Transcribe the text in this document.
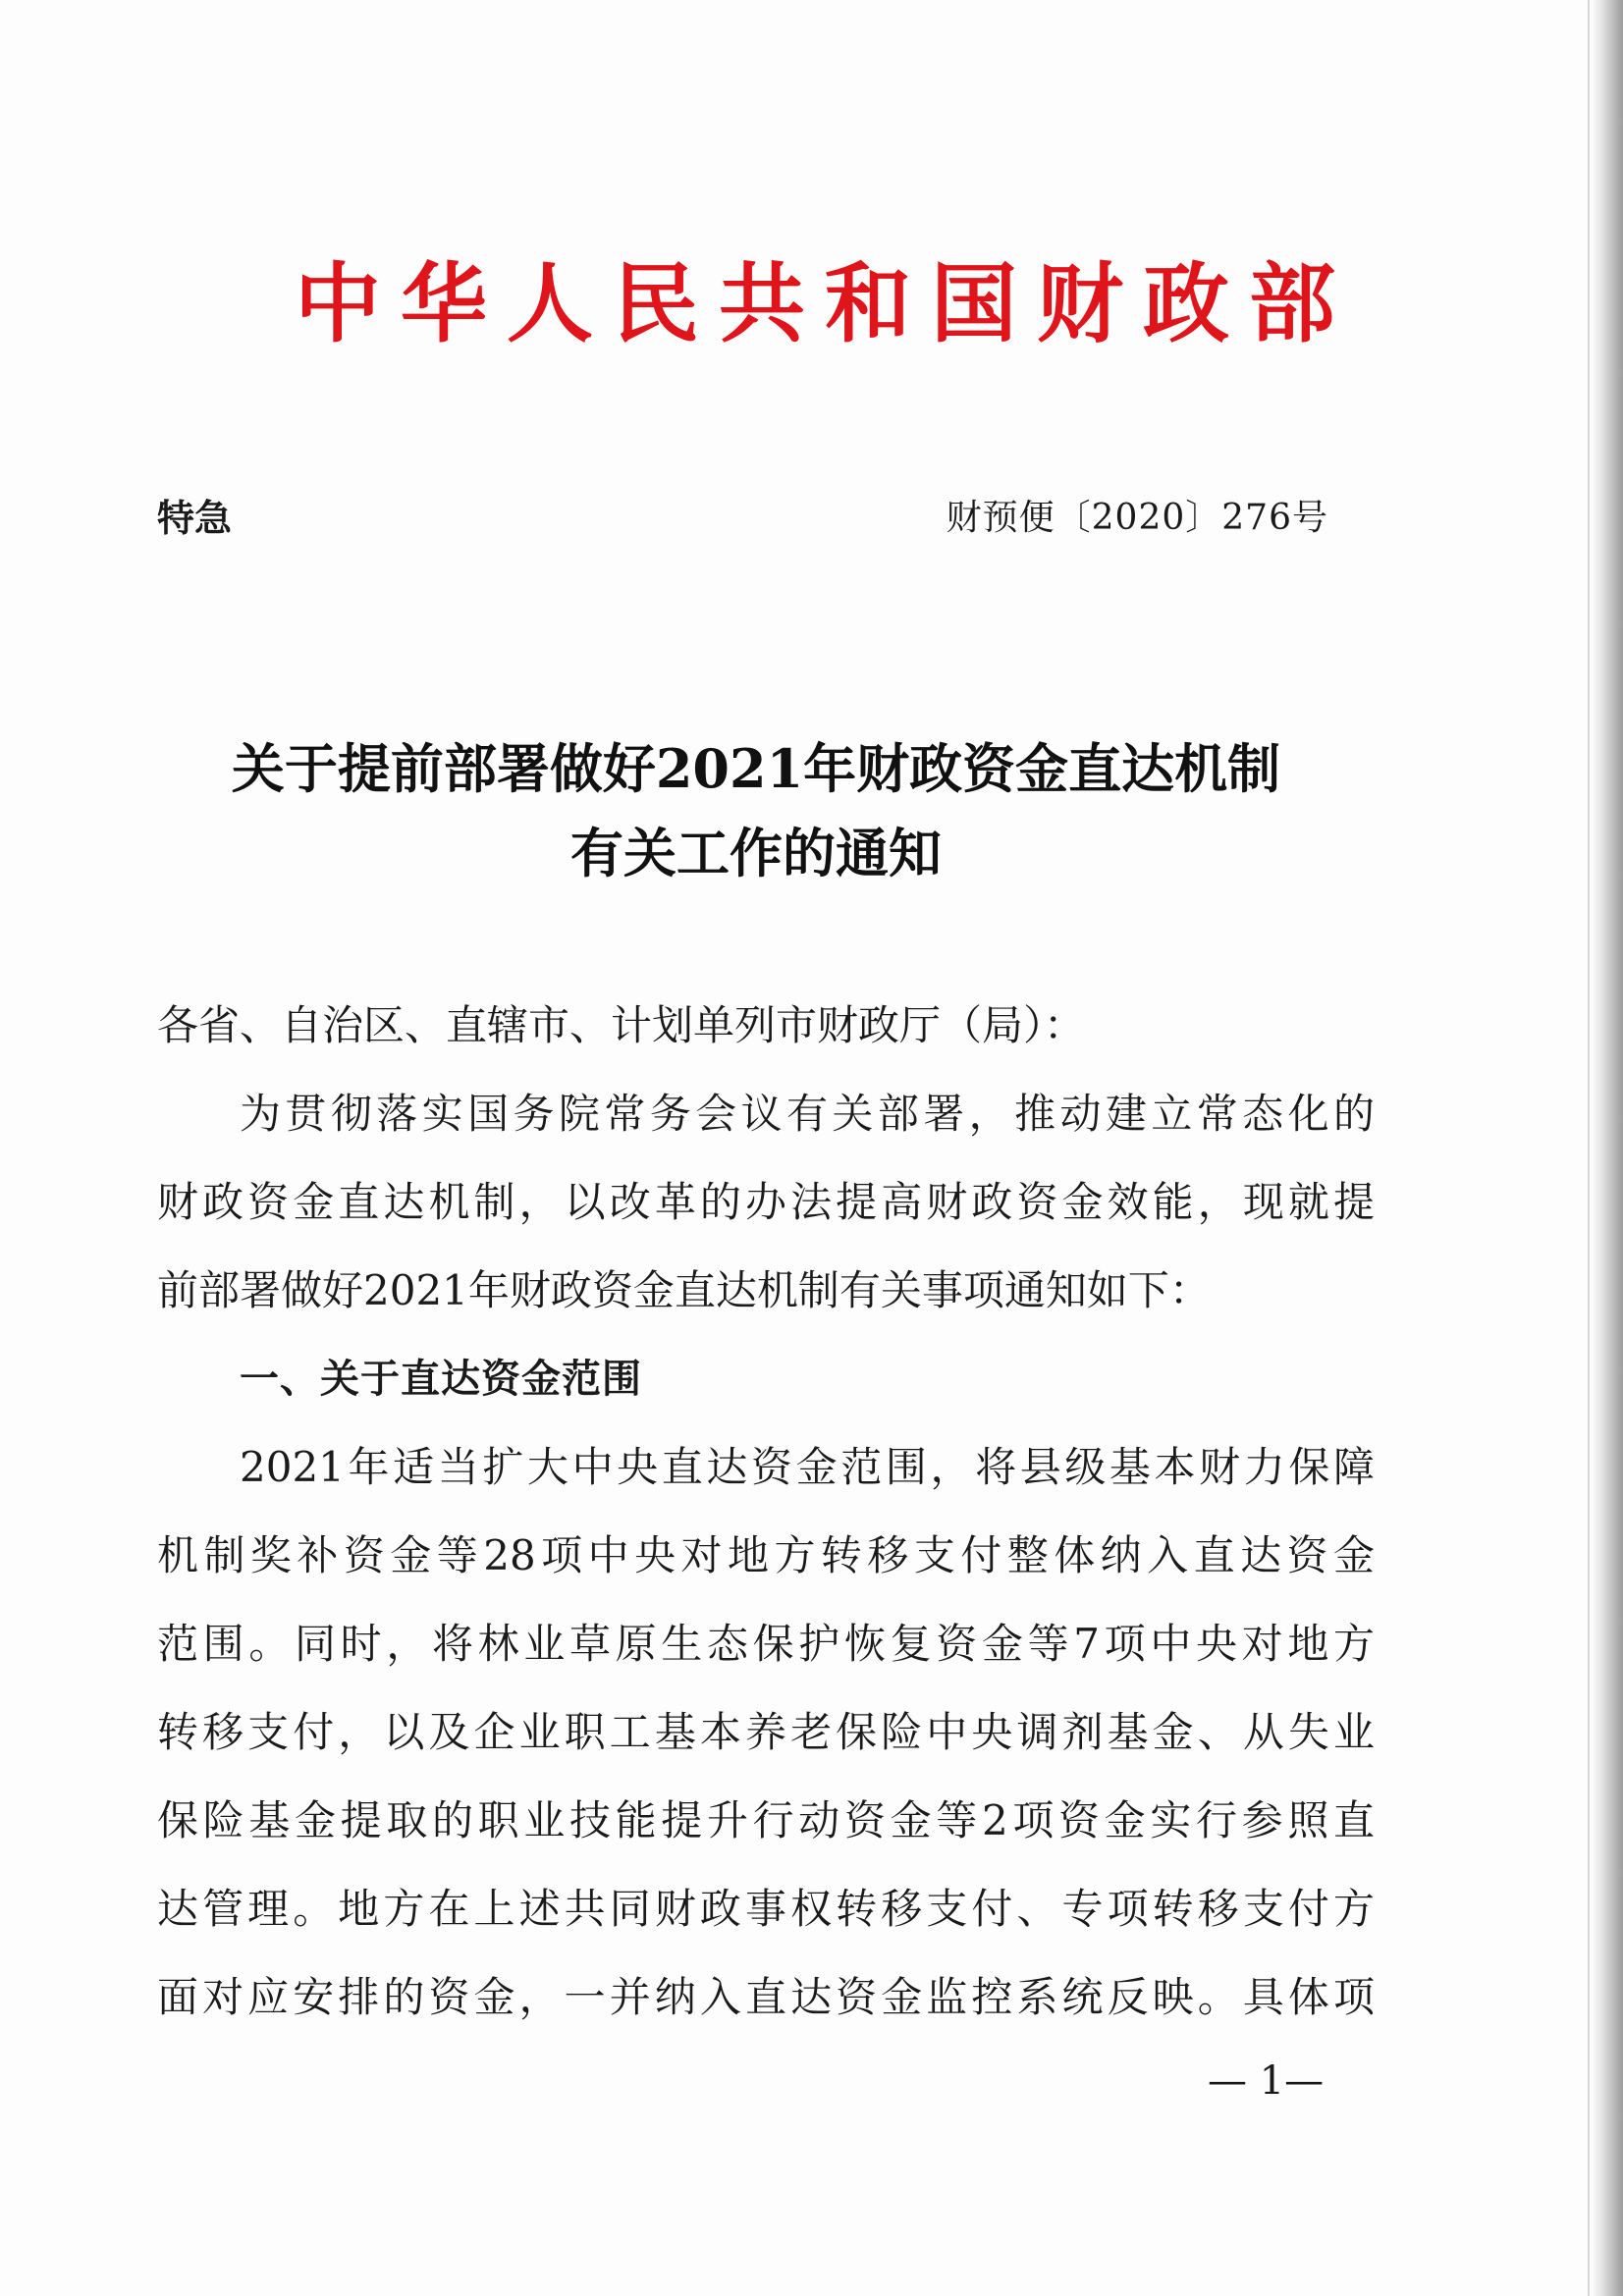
中华人民共和国财政部
特急	财预便〔2020〕276号
关于提前部署做好2021年财政资金直达机制
有关工作的通知
各省、自治区、直辖市、计划单列市财政厅（局）：
为贯彻落实国务院常务会议有关部署，推动建立常态化的
财政资金直达机制，以改革的办法提高财政资金效能，现就提
前部署做好2021年财政资金直达机制有关事项通知如下：
一、关于直达资金范围
2021年适当扩大中央直达资金范围，将县级基本财力保障
机制奖补资金等28项中央对地方转移支付整体纳入直达资金
范围。同时，将林业草原生态保护恢复资金等7项中央对地方
转移支付，以及企业职工基本养老保险中央调剂基金、从失业
保险基金提取的职业技能提升行动资金等2项资金实行参照直
达管理。地方在上述共同财政事权转移支付、专项转移支付方
面对应安排的资金，一并纳入直达资金监控系统反映。具体项
— 1—
